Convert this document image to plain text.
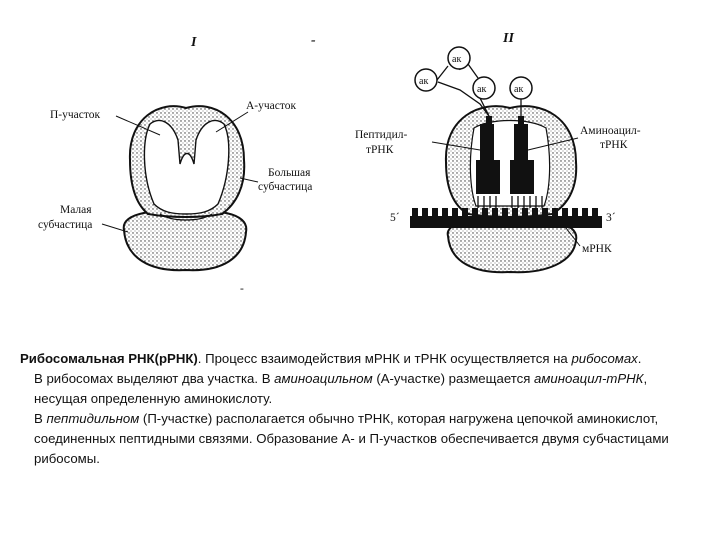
I	-
П-участок
А-участок
Большая
субчастица
Малая
субчастица
-
II
ак
ак
ак	ак
Пептидил-
тРНК
Аминоацил-
тРНК
5´	3´
мРНК

Рибосомальная РНК(рРНК). Процесс взаимодействия мРНК и тРНК осуществляется на рибосомах.

В рибосомах выделяют два участка. В аминоацильном (А-участке) размещается аминоацил-тРНК, несущая определенную аминокислоту.

В пептидильном (П-участке) располагается обычно тРНК, которая нагружена цепочкой аминокислот, соединенных пептидными связями. Образование А- и П-участков обеспечивается двумя субчастицами рибосомы.
